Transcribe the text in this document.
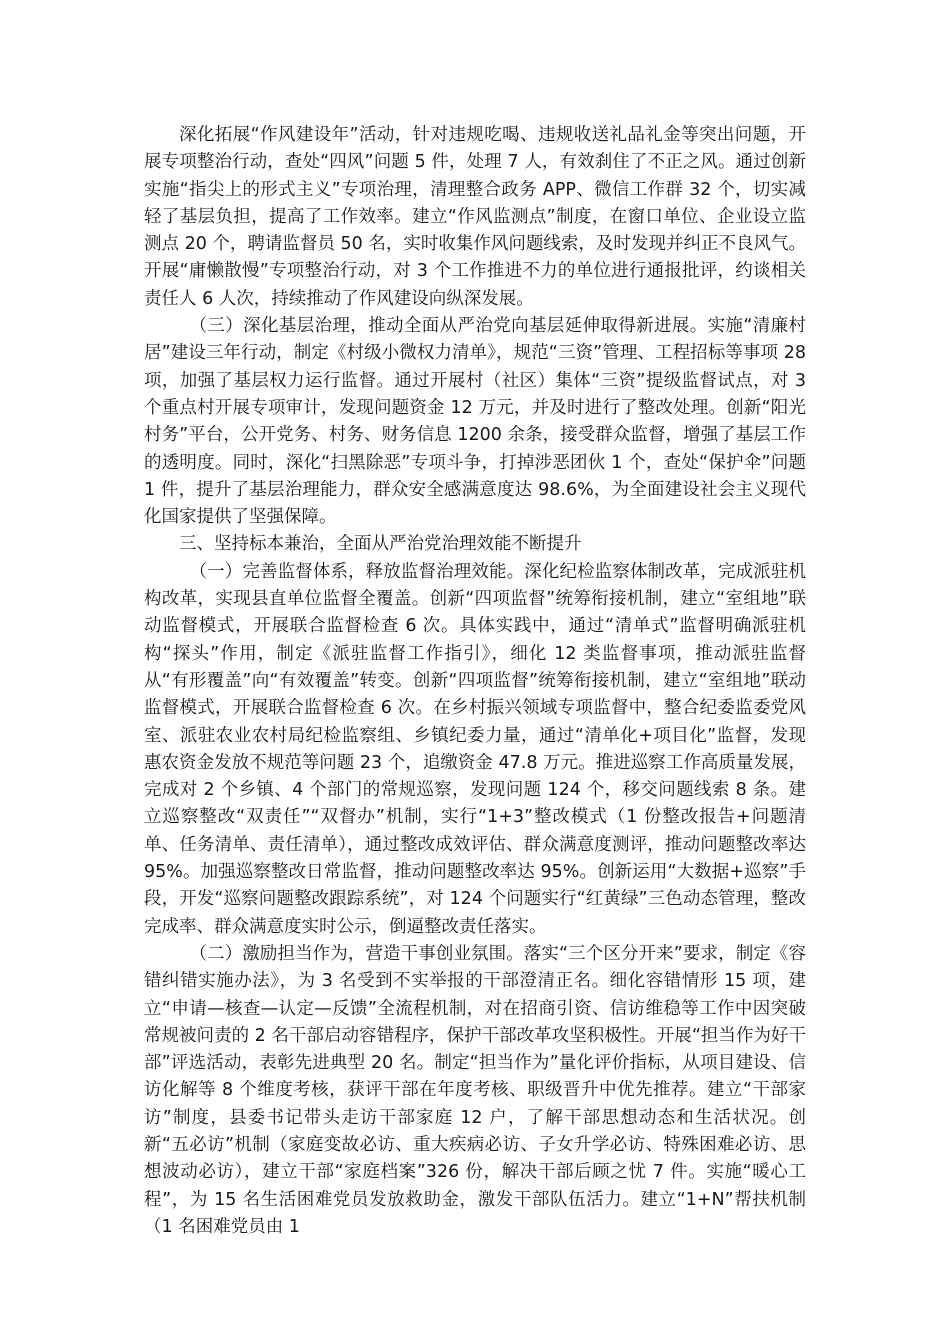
深化拓展“作风建设年”活动，针对违规吃喝、违规收送礼品礼金等突出问题，开展专项整治行动，查处“四风”问题 5 件，处理 7 人，有效刹住了不正之风。通过创新实施“指尖上的形式主义”专项治理，清理整合政务 APP、微信工作群 32 个，切实减轻了基层负担，提高了工作效率。建立“作风监测点”制度，在窗口单位、企业设立监测点 20 个，聘请监督员 50 名，实时收集作风问题线索，及时发现并纠正不良风气。开展“庸懒散慢”专项整治行动，对 3 个工作推进不力的单位进行通报批评，约谈相关责任人 6 人次，持续推动了作风建设向纵深发展。

（三）深化基层治理，推动全面从严治党向基层延伸取得新进展。实施“清廉村居”建设三年行动，制定《村级小微权力清单》，规范“三资”管理、工程招标等事项 28 项，加强了基层权力运行监督。通过开展村（社区）集体“三资”提级监督试点，对 3 个重点村开展专项审计，发现问题资金 12 万元，并及时进行了整改处理。创新“阳光村务”平台，公开党务、村务、财务信息 1200 余条，接受群众监督，增强了基层工作的透明度。同时，深化“扫黑除恶”专项斗争，打掉涉恶团伙 1 个，查处“保护伞”问题 1 件，提升了基层治理能力，群众安全感满意度达 98.6%，为全面建设社会主义现代化国家提供了坚强保障。

三、坚持标本兼治，全面从严治党治理效能不断提升

（一）完善监督体系，释放监督治理效能。深化纪检监察体制改革，完成派驻机构改革，实现县直单位监督全覆盖。创新“四项监督”统筹衔接机制，建立“室组地”联动监督模式，开展联合监督检查 6 次。具体实践中，通过“清单式”监督明确派驻机构“探头”作用，制定《派驻监督工作指引》，细化 12 类监督事项，推动派驻监督从“有形覆盖”向“有效覆盖”转变。创新“四项监督”统筹衔接机制，建立“室组地”联动监督模式，开展联合监督检查 6 次。在乡村振兴领域专项监督中，整合纪委监委党风室、派驻农业农村局纪检监察组、乡镇纪委力量，通过“清单化+项目化”监督，发现惠农资金发放不规范等问题 23 个，追缴资金 47.8 万元。推进巡察工作高质量发展，完成对 2 个乡镇、4 个部门的常规巡察，发现问题 124 个，移交问题线索 8 条。建立巡察整改“双责任”“双督办”机制，实行“1+3”整改模式（1 份整改报告+问题清单、任务清单、责任清单），通过整改成效评估、群众满意度测评，推动问题整改率达 95%。加强巡察整改日常监督，推动问题整改率达 95%。创新运用“大数据+巡察”手段，开发“巡察问题整改跟踪系统”，对 124 个问题实行“红黄绿”三色动态管理，整改完成率、群众满意度实时公示，倒逼整改责任落实。

（二）激励担当作为，营造干事创业氛围。落实“三个区分开来”要求，制定《容错纠错实施办法》，为 3 名受到不实举报的干部澄清正名。细化容错情形 15 项，建立“申请—核查—认定—反馈”全流程机制，对在招商引资、信访维稳等工作中因突破常规被问责的 2 名干部启动容错程序，保护干部改革攻坚积极性。开展“担当作为好干部”评选活动，表彰先进典型 20 名。制定“担当作为”量化评价指标，从项目建设、信访化解等 8 个维度考核，获评干部在年度考核、职级晋升中优先推荐。建立“干部家访”制度，县委书记带头走访干部家庭 12 户，了解干部思想动态和生活状况。创新“五必访”机制（家庭变故必访、重大疾病必访、子女升学必访、特殊困难必访、思想波动必访），建立干部“家庭档案”326 份，解决干部后顾之忧 7 件。实施“暖心工程”，为 15 名生活困难党员发放救助金，激发干部队伍活力。建立“1+N”帮扶机制（1 名困难党员由 1
